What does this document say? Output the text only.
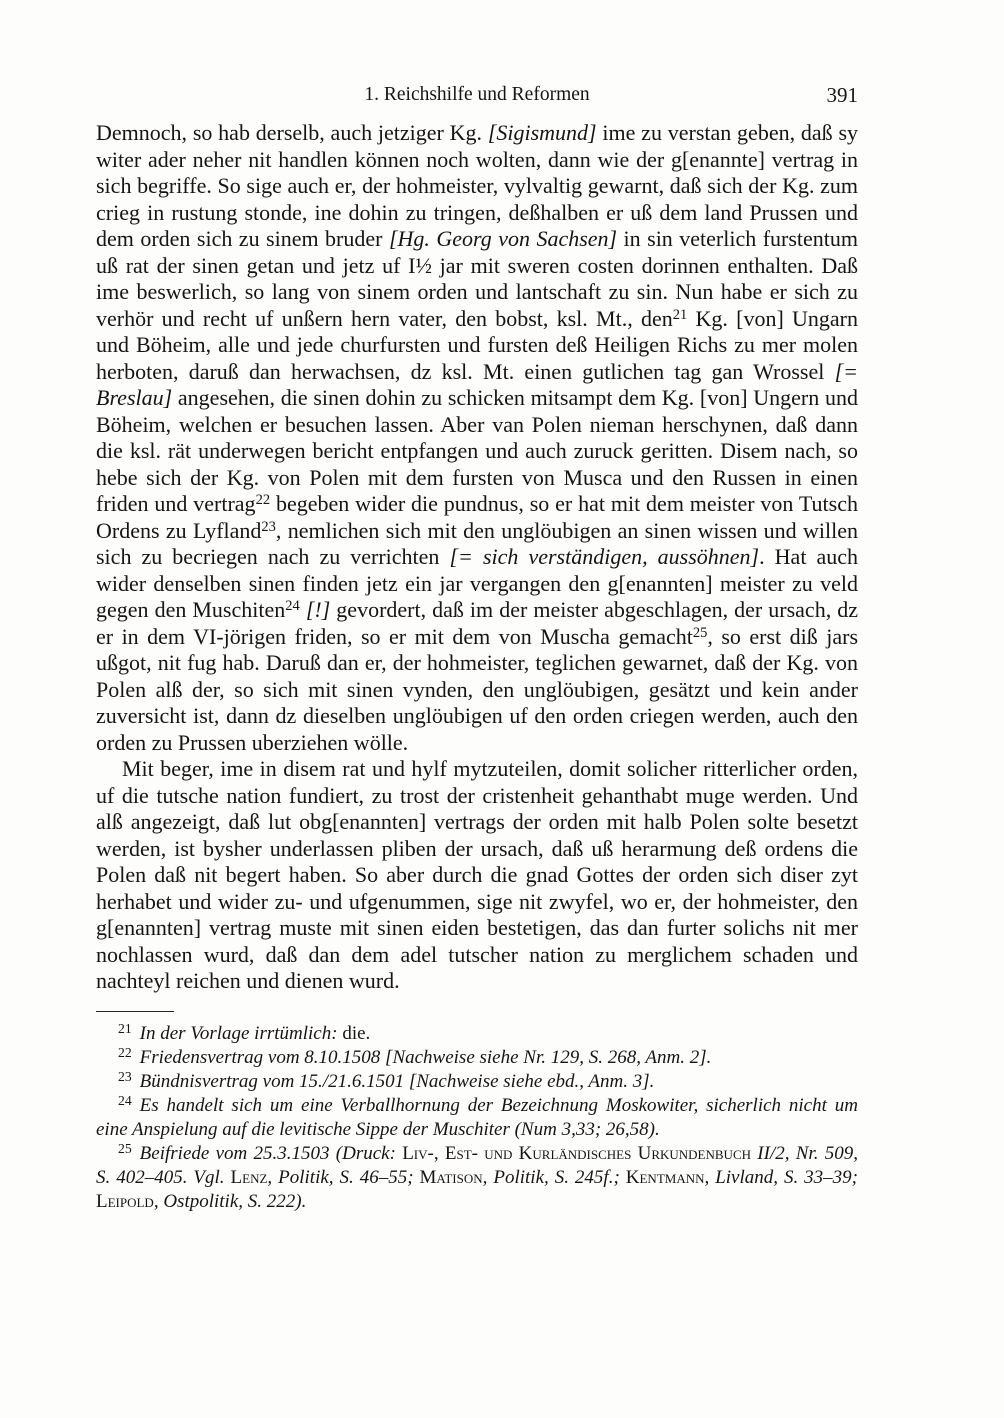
1. Reichshilfe und Reformen	391

Demnoch, so hab derselb, auch jetziger Kg. [Sigismund] ime zu verstan geben, daß sy witer ader neher nit handlen können noch wolten, dann wie der g[enannte] vertrag in sich begriffe. So sige auch er, der hohmeister, vylvaltig gewarnt, daß sich der Kg. zum crieg in rustung stonde, ine dohin zu tringen, deßhalben er uß dem land Prussen und dem orden sich zu sinem bruder [Hg. Georg von Sachsen] in sin veterlich furstentum uß rat der sinen getan und jetz uf I½ jar mit sweren costen dorinnen enthalten. Daß ime beswerlich, so lang von sinem orden und lantschaft zu sin. Nun habe er sich zu verhör und recht uf unßern hern vater, den bobst, ksl. Mt., den$^{21}$ Kg. [von] Ungarn und Böheim, alle und jede churfursten und fursten deß Heiligen Richs zu mer molen herboten, daruß dan herwachsen, dz ksl. Mt. einen gutlichen tag gan Wrossel [= Breslau] angesehen, die sinen dohin zu schicken mitsampt dem Kg. [von] Ungern und Böheim, welchen er besuchen lassen. Aber van Polen nieman herschynen, daß dann die ksl. rät underwegen bericht entpfangen und auch zuruck geritten. Disem nach, so hebe sich der Kg. von Polen mit dem fursten von Musca und den Russen in einen friden und vertrag$^{22}$ begeben wider die pundnus, so er hat mit dem meister von Tutsch Ordens zu Lyfland$^{23}$, nemlichen sich mit den unglöubigen an sinen wissen und willen sich zu becriegen nach zu verrichten [= sich verständigen, aussöhnen]. Hat auch wider denselben sinen finden jetz ein jar vergangen den g[enannten] meister zu veld gegen den Muschiten$^{24}$ [!] gevordert, daß im der meister abgeschlagen, der ursach, dz er in dem VI-jörigen friden, so er mit dem von Muscha gemacht$^{25}$, so erst diß jars ußgot, nit fug hab. Daruß dan er, der hohmeister, teglichen gewarnet, daß der Kg. von Polen alß der, so sich mit sinen vynden, den unglöubigen, gesätzt und kein ander zuversicht ist, dann dz dieselben unglöubigen uf den orden criegen werden, auch den orden zu Prussen uberziehen wölle.

Mit beger, ime in disem rat und hylf mytzuteilen, domit solicher ritterlicher orden, uf die tutsche nation fundiert, zu trost der cristenheit gehanthabt muge werden. Und alß angezeigt, daß lut obg[enannten] vertrags der orden mit halb Polen solte besetzt werden, ist bysher underlassen pliben der ursach, daß uß herarmung deß ordens die Polen daß nit begert haben. So aber durch die gnad Gottes der orden sich diser zyt herhabet und wider zu- und ufgenummen, sige nit zwyfel, wo er, der hohmeister, den g[enannten] vertrag muste mit sinen eiden bestetigen, das dan furter solichs nit mer nochlassen wurd, daß dan dem adel tutscher nation zu merglichem schaden und nachteyl reichen und dienen wurd.

$^{21}$ In der Vorlage irrtümlich: die.

$^{22}$ Friedensvertrag vom 8.10.1508 [Nachweise siehe Nr. 129, S. 268, Anm. 2].

$^{23}$ Bündnisvertrag vom 15./21.6.1501 [Nachweise siehe ebd., Anm. 3].

$^{24}$ Es handelt sich um eine Verballhornung der Bezeichnung Moskowiter, sicherlich nicht um eine Anspielung auf die levitische Sippe der Muschiter (Num 3,33; 26,58).

$^{25}$ Beifriede vom 25.3.1503 (Druck: Liv-, Est- und Kurländisches Urkundenbuch II/2, Nr. 509, S. 402–405. Vgl. Lenz, Politik, S. 46–55; Matison, Politik, S. 245f.; Kentmann, Livland, S. 33–39; Leipold, Ostpolitik, S. 222).
